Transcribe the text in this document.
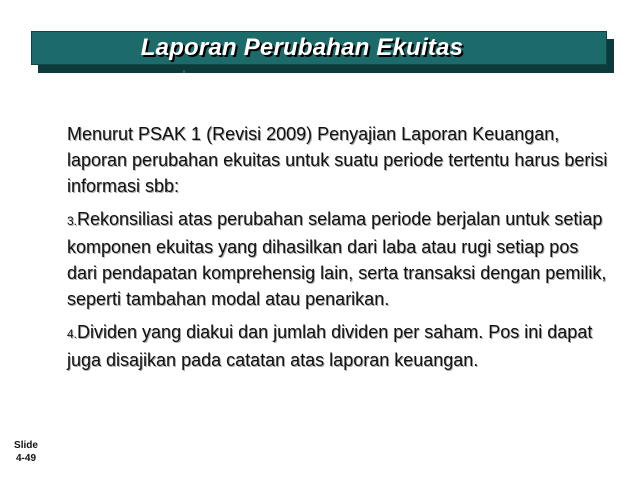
Laporan Perubahan Ekuitas

Menurut PSAK 1 (Revisi 2009) Penyajian Laporan Keuangan, laporan perubahan ekuitas untuk suatu periode tertentu harus berisi informasi sbb:

3.Rekonsiliasi atas perubahan selama periode berjalan untuk setiap komponen ekuitas yang dihasilkan dari laba atau rugi setiap pos dari pendapatan komprehensig lain, serta transaksi dengan pemilik, seperti tambahan modal atau penarikan.

4.Dividen yang diakui dan jumlah dividen per saham. Pos ini dapat juga disajikan pada catatan atas laporan keuangan.

Slide
4-49
